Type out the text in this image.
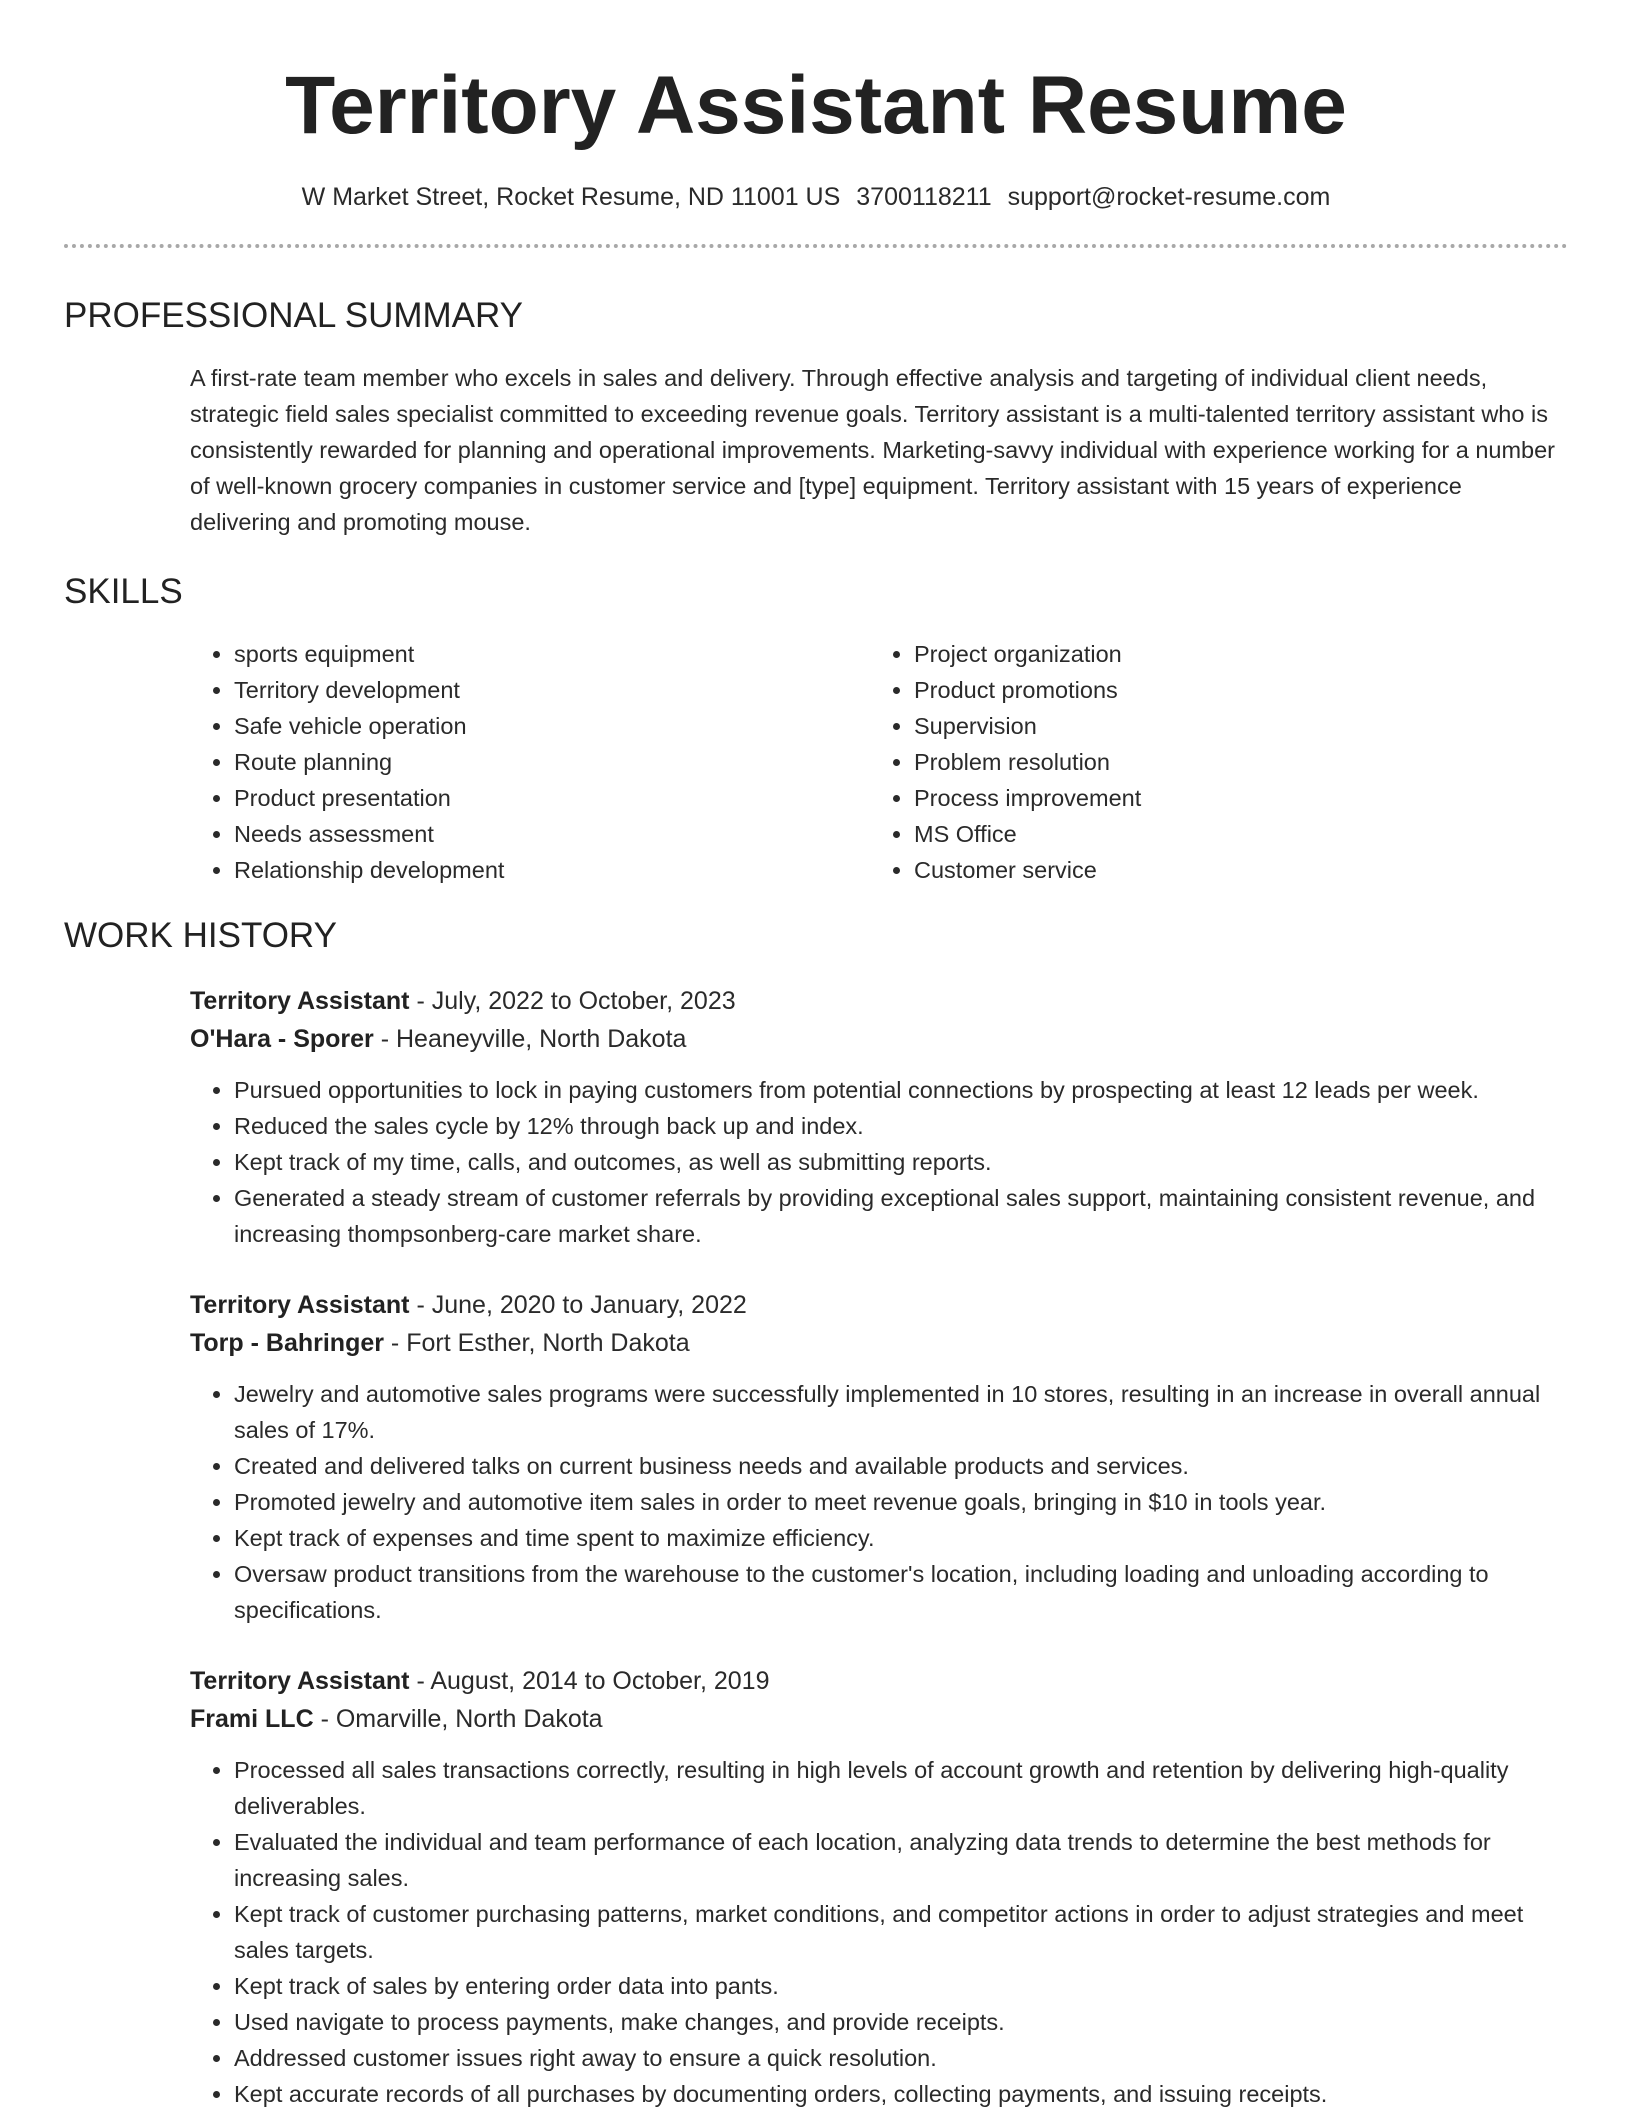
Territory Assistant Resume
W Market Street, Rocket Resume, ND 11001 US 3700118211 support@rocket-resume.com
PROFESSIONAL SUMMARY
A first-rate team member who excels in sales and delivery. Through effective analysis and targeting of individual client needs, strategic field sales specialist committed to exceeding revenue goals. Territory assistant is a multi-talented territory assistant who is consistently rewarded for planning and operational improvements. Marketing-savvy individual with experience working for a number of well-known grocery companies in customer service and [type] equipment. Territory assistant with 15 years of experience delivering and promoting mouse.
SKILLS
• sports equipment
• Territory development
• Safe vehicle operation
• Route planning
• Product presentation
• Needs assessment
• Relationship development
• Project organization
• Product promotions
• Supervision
• Problem resolution
• Process improvement
• MS Office
• Customer service
WORK HISTORY
Territory Assistant - July, 2022 to October, 2023
O'Hara - Sporer - Heaneyville, North Dakota
• Pursued opportunities to lock in paying customers from potential connections by prospecting at least 12 leads per week.
• Reduced the sales cycle by 12% through back up and index.
• Kept track of my time, calls, and outcomes, as well as submitting reports.
• Generated a steady stream of customer referrals by providing exceptional sales support, maintaining consistent revenue, and increasing thompsonberg-care market share.
Territory Assistant - June, 2020 to January, 2022
Torp - Bahringer - Fort Esther, North Dakota
• Jewelry and automotive sales programs were successfully implemented in 10 stores, resulting in an increase in overall annual sales of 17%.
• Created and delivered talks on current business needs and available products and services.
• Promoted jewelry and automotive item sales in order to meet revenue goals, bringing in $10 in tools year.
• Kept track of expenses and time spent to maximize efficiency.
• Oversaw product transitions from the warehouse to the customer's location, including loading and unloading according to specifications.
Territory Assistant - August, 2014 to October, 2019
Frami LLC - Omarville, North Dakota
• Processed all sales transactions correctly, resulting in high levels of account growth and retention by delivering high-quality deliverables.
• Evaluated the individual and team performance of each location, analyzing data trends to determine the best methods for increasing sales.
• Kept track of customer purchasing patterns, market conditions, and competitor actions in order to adjust strategies and meet sales targets.
• Kept track of sales by entering order data into pants.
• Used navigate to process payments, make changes, and provide receipts.
• Addressed customer issues right away to ensure a quick resolution.
• Kept accurate records of all purchases by documenting orders, collecting payments, and issuing receipts.
